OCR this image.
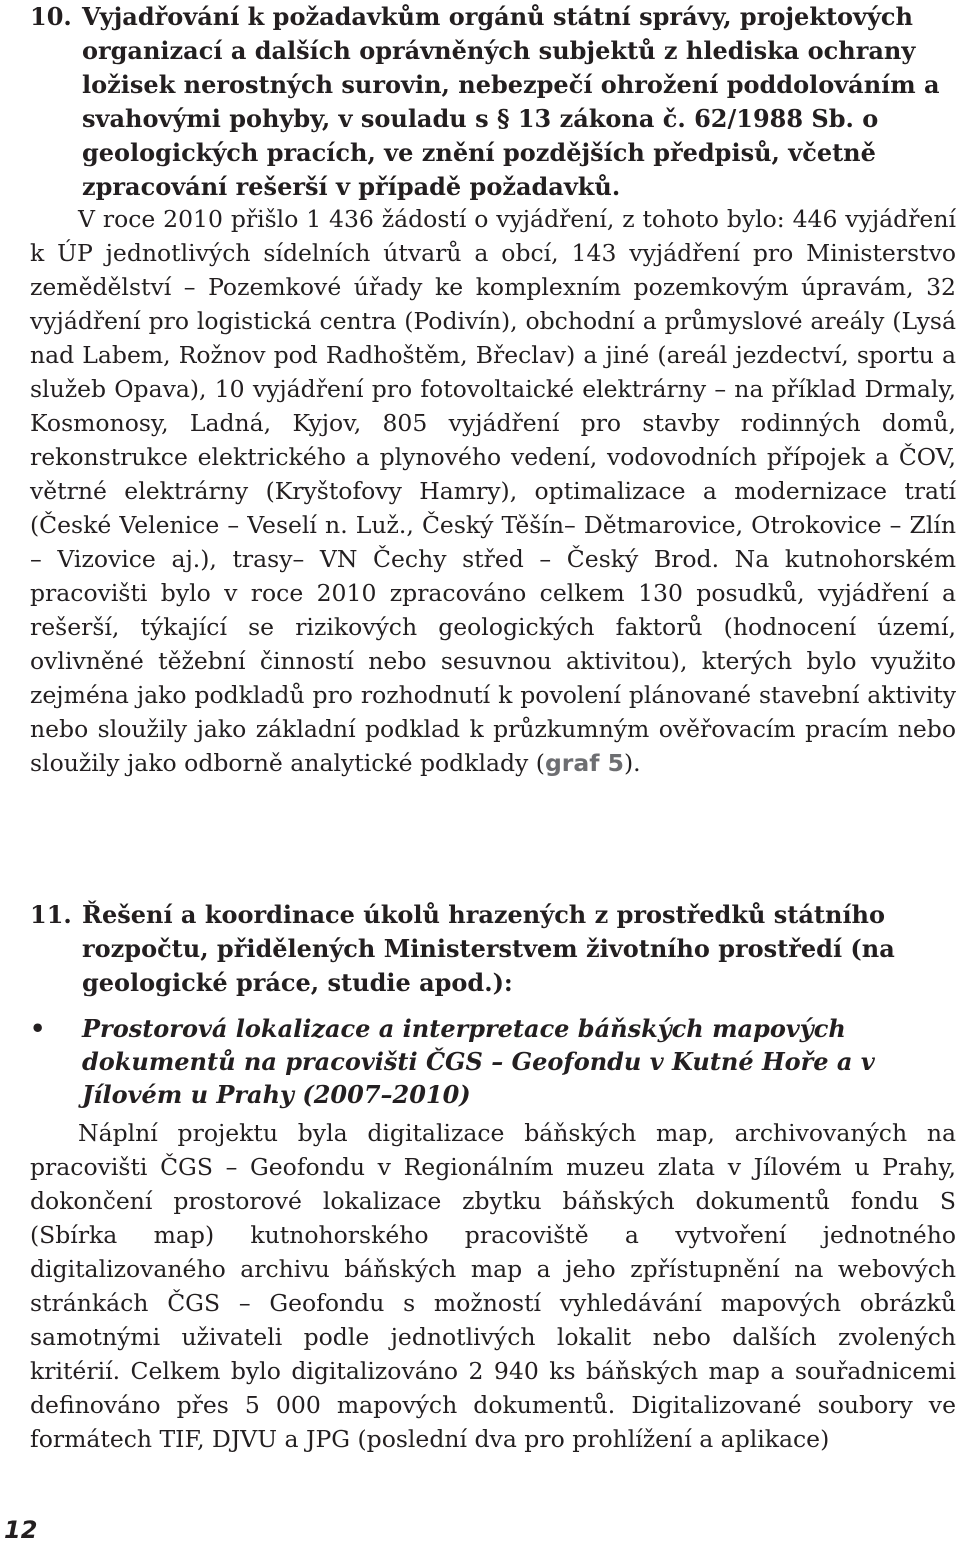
10. Vyjadřování k požadavkům orgánů státní správy, projektových organizací a dalších oprávněných subjektů z hlediska ochrany ložisek nerostných surovin, nebezpečí ohrožení poddolováním a svahovými pohyby, v souladu s § 13 zákona č. 62/1988 Sb. o geologických pracích, ve znění pozdějších předpisů, včetně zpracování rešerší v případě požadavků.
V roce 2010 přišlo 1 436 žádostí o vyjádření, z tohoto bylo: 446 vyjádření k ÚP jednotlivých sídelních útvarů a obcí, 143 vyjádření pro Ministerstvo zemědělství – Pozemkové úřady ke komplexním pozemkovým úpravám, 32 vyjádření pro logistická centra (Podivín), obchodní a průmyslové areály (Lysá nad Labem, Rožnov pod Radhoštěm, Břeclav) a jiné (areál jezdectví, sportu a služeb Opava), 10 vyjádření pro fotovoltaické elektrárny – na příklad Drmaly, Kosmonosy, Ladná, Kyjov, 805 vyjádření pro stavby rodinných domů, rekonstrukce elektrického a plynového vedení, vodovodních přípojek a ČOV, větrné elektrárny (Kryštofovy Hamry), optimalizace a modernizace tratí (České Velenice – Veselí n. Luž., Český Těšín– Dětmarovice, Otrokovice – Zlín – Vizovice aj.), trasy– VN Čechy střed – Český Brod. Na kutnohorském pracovišti bylo v roce 2010 zpracováno celkem 130 posudků, vyjádření a rešerší, týkající se rizikových geologických faktorů (hodnocení území, ovlivněné těžební činností nebo sesuvnou aktivitou), kterých bylo využito zejména jako podkladů pro rozhodnutí k povolení plánované stavební aktivity nebo sloužily jako základní podklad k průzkumným ověřovacím pracím nebo sloužily jako odborně analytické podklady (graf 5).
11. Řešení a koordinace úkolů hrazených z prostředků státního rozpočtu, přidělených Ministerstvem životního prostředí (na geologické práce, studie apod.):
•	Prostorová lokalizace a interpretace báňských mapových dokumentů na pracovišti ČGS – Geofondu v Kutné Hoře a v Jílovém u Prahy (2007–2010)
Náplní projektu byla digitalizace báňských map, archivovaných na pracovišti ČGS – Geofondu v Regionálním muzeu zlata v Jílovém u Prahy, dokončení prostorové lokalizace zbytku báňských dokumentů fondu S (Sbírka map) kutnohorského pracoviště a vytvoření jednotného digitalizovaného archivu báňských map a jeho zpřístupnění na webových stránkách ČGS – Geofondu s možností vyhledávání mapových obrázků samotnými uživateli podle jednotlivých lokalit nebo dalších zvolených kritérií. Celkem bylo digitalizováno 2 940 ks báňských map a souřadnicemi definováno přes 5 000 mapových dokumentů. Digitalizované soubory ve formátech TIF, DJVU a JPG (poslední dva pro prohlížení a aplikace)
12
